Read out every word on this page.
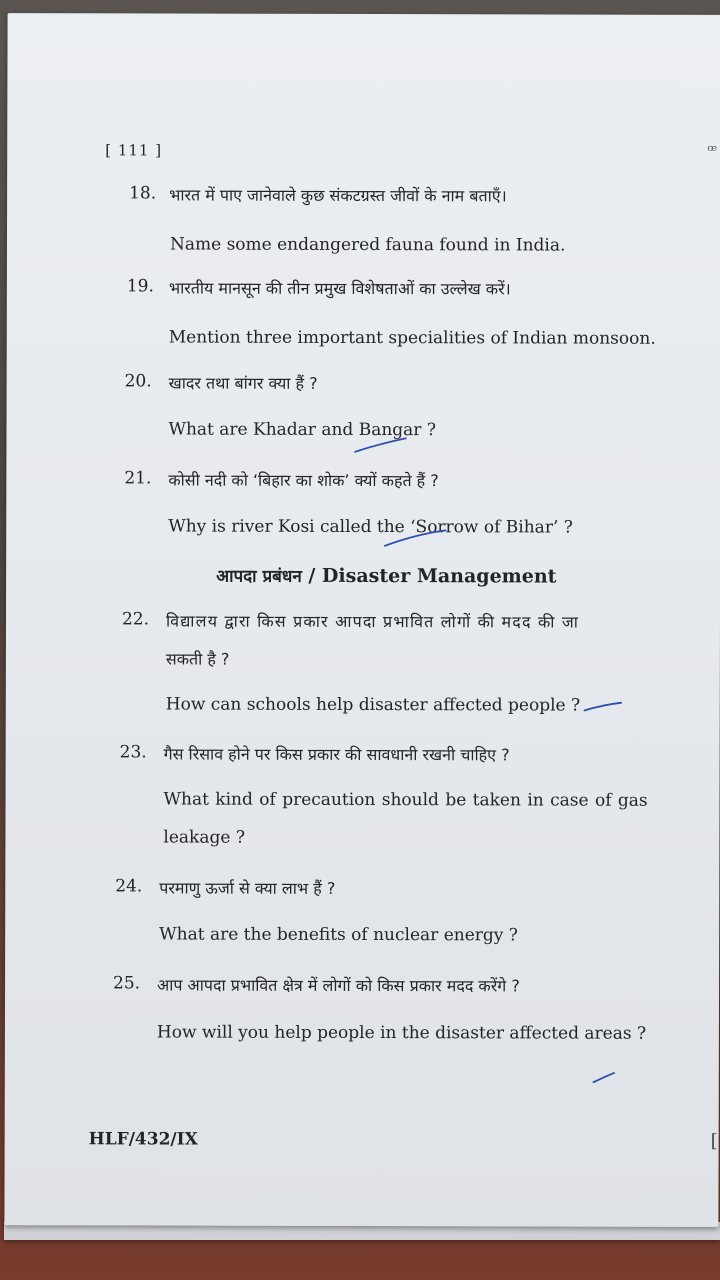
[ 111 ]	ꟹ
18. भारत में पाए जानेवाले कुछ संकटग्रस्त जीवों के नाम बताएँ।
Name some endangered fauna found in India.
19. भारतीय मानसून की तीन प्रमुख विशेषताओं का उल्लेख करें।
Mention three important specialities of Indian monsoon.
20. खादर तथा बांगर क्या हैं ?
What are Khadar and Bangar ?
21. कोसी नदी को ‘बिहार का शोक’ क्यों कहते हैं ?
Why is river Kosi called the ‘Sorrow of Bihar’ ?
आपदा प्रबंधन / Disaster Management
22. विद्यालय द्वारा किस प्रकार आपदा प्रभावित लोगों की मदद की जा
सकती है ?
How can schools help disaster affected people ?
23. गैस रिसाव होने पर किस प्रकार की सावधानी रखनी चाहिए ?
What kind of precaution should be taken in case of gas
leakage ?
24. परमाणु ऊर्जा से क्या लाभ हैं ?
What are the benefits of nuclear energy ?
25. आप आपदा प्रभावित क्षेत्र में लोगों को किस प्रकार मदद करेंगे ?
How will you help people in the disaster affected areas ?
HLF/432/IX	[
